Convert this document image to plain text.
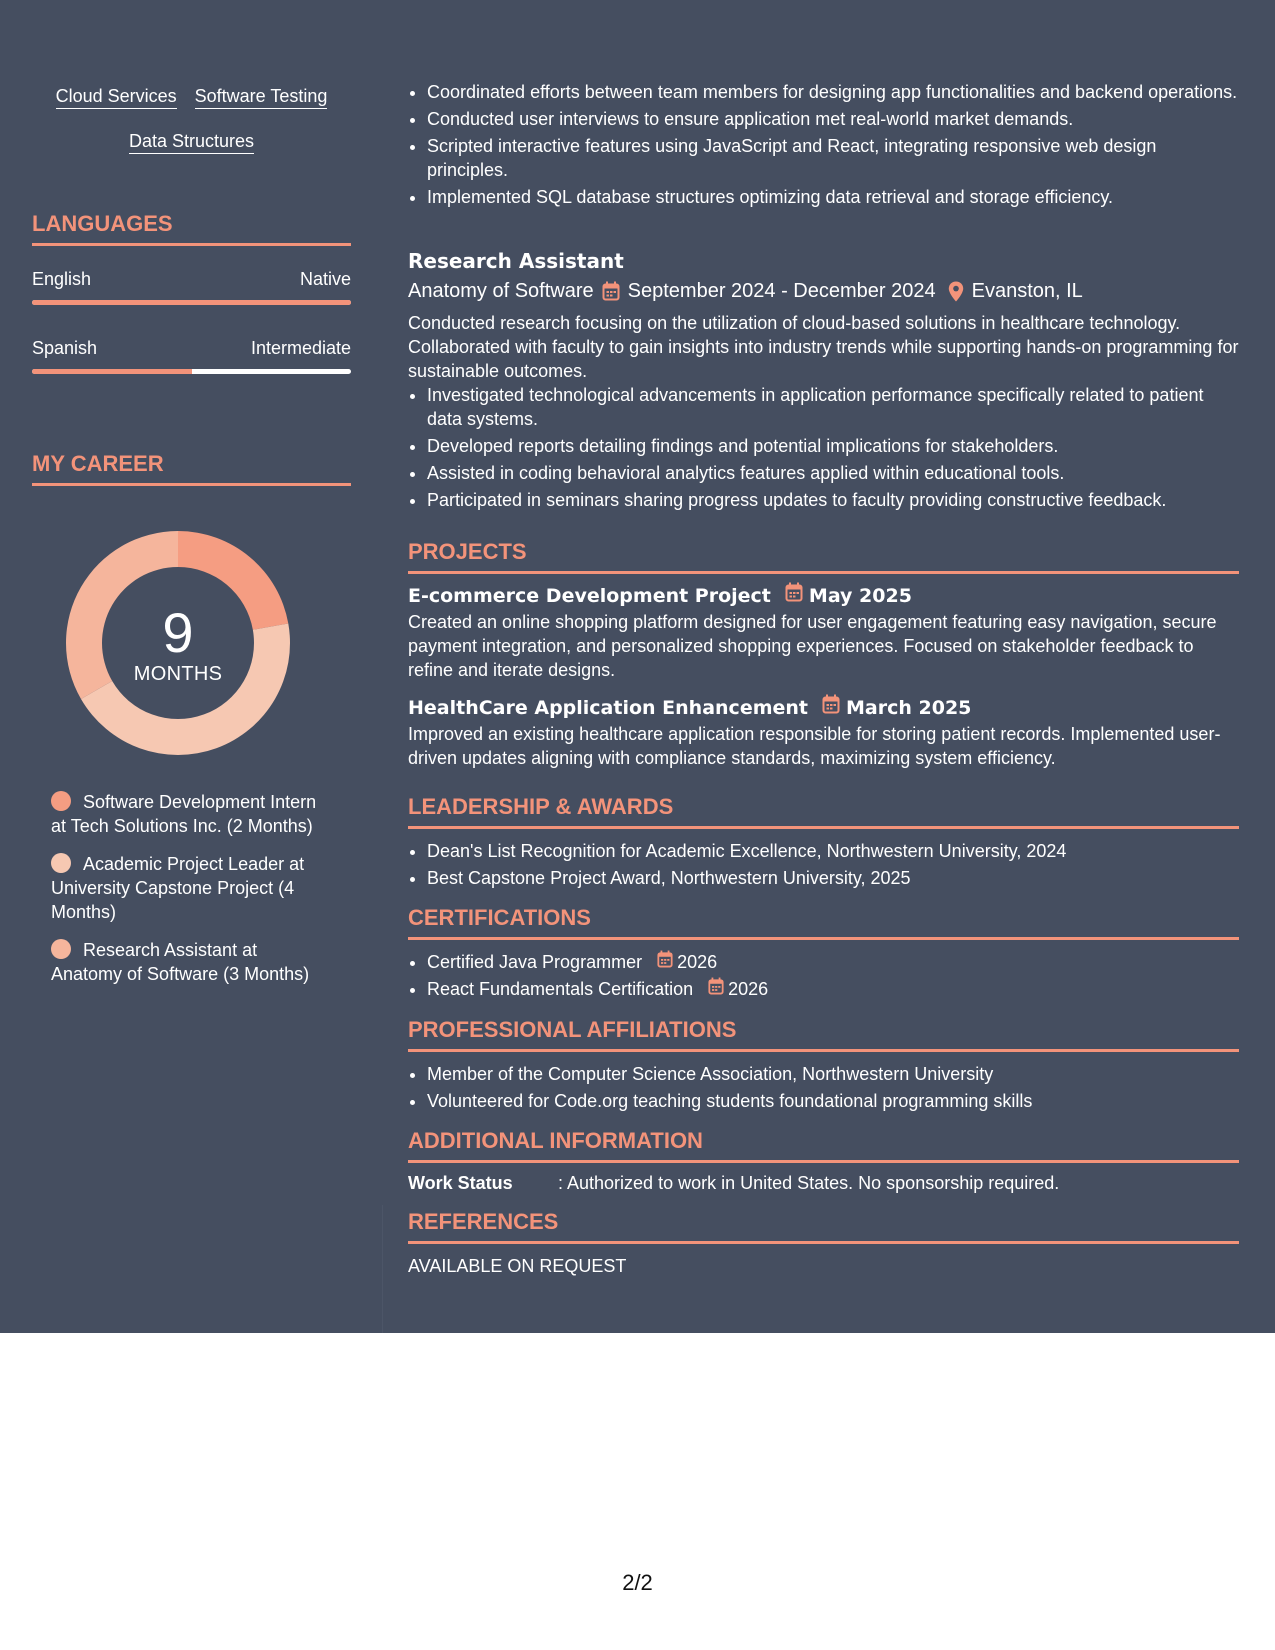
Cloud Services Software Testing
Data Structures
LANGUAGES
English	Native
Spanish	Intermediate
MY CAREER
9
MONTHS
Software Development Intern at Tech Solutions Inc. (2 Months)
Academic Project Leader at University Capstone Project (4 Months)
Research Assistant at Anatomy of Software (3 Months)
• Coordinated efforts between team members for designing app functionalities and backend operations.
• Conducted user interviews to ensure application met real-world market demands.
• Scripted interactive features using JavaScript and React, integrating responsive web design principles.
• Implemented SQL database structures optimizing data retrieval and storage efficiency.
Research Assistant
Anatomy of Software September 2024 - December 2024 Evanston, IL
Conducted research focusing on the utilization of cloud-based solutions in healthcare technology. Collaborated with faculty to gain insights into industry trends while supporting hands-on programming for sustainable outcomes.
• Investigated technological advancements in application performance specifically related to patient data systems.
• Developed reports detailing findings and potential implications for stakeholders.
• Assisted in coding behavioral analytics features applied within educational tools.
• Participated in seminars sharing progress updates to faculty providing constructive feedback.
PROJECTS
E-commerce Development Project May 2025
Created an online shopping platform designed for user engagement featuring easy navigation, secure payment integration, and personalized shopping experiences. Focused on stakeholder feedback to refine and iterate designs.
HealthCare Application Enhancement March 2025
Improved an existing healthcare application responsible for storing patient records. Implemented user-driven updates aligning with compliance standards, maximizing system efficiency.
LEADERSHIP & AWARDS
• Dean's List Recognition for Academic Excellence, Northwestern University, 2024
• Best Capstone Project Award, Northwestern University, 2025
CERTIFICATIONS
• Certified Java Programmer 2026
• React Fundamentals Certification 2026
PROFESSIONAL AFFILIATIONS
• Member of the Computer Science Association, Northwestern University
• Volunteered for Code.org teaching students foundational programming skills
ADDITIONAL INFORMATION
Work Status	: Authorized to work in United States. No sponsorship required.
REFERENCES
AVAILABLE ON REQUEST
2/2
